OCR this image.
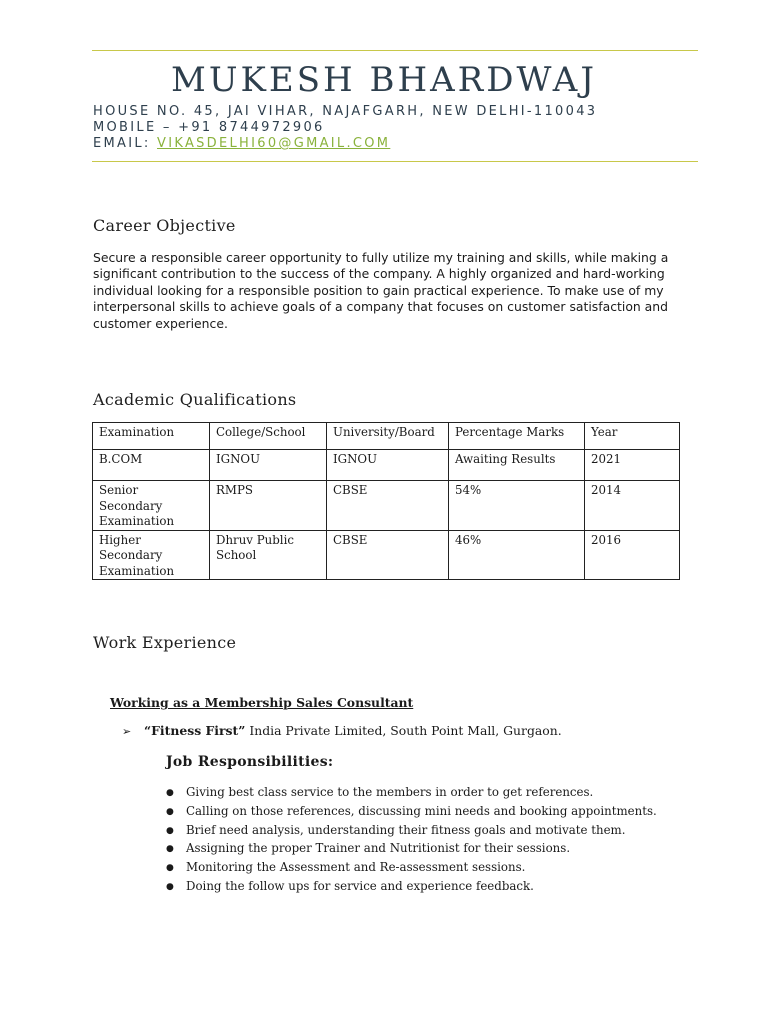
MUKESH BHARDWAJ
HOUSE NO. 45, JAI VIHAR, NAJAFGARH, NEW DELHI-110043
MOBILE – +91 8744972906
EMAIL: VIKASDELHI60@GMAIL.COM
Career Objective
Secure a responsible career opportunity to fully utilize my training and skills, while making a significant contribution to the success of the company. A highly organized and hard-working individual looking for a responsible position to gain practical experience. To make use of my interpersonal skills to achieve goals of a company that focuses on customer satisfaction and customer experience.
Academic Qualifications
Examination	College/School	University/Board	Percentage Marks	Year
B.COM	IGNOU	IGNOU	Awaiting Results	2021
Senior Secondary Examination	RMPS	CBSE	54%	2014
Higher Secondary Examination	Dhruv Public School	CBSE	46%	2016
Work Experience
Working as a Membership Sales Consultant
➢ “Fitness First” India Private Limited, South Point Mall, Gurgaon.
Job Responsibilities:
● Giving best class service to the members in order to get references.
● Calling on those references, discussing mini needs and booking appointments.
● Brief need analysis, understanding their fitness goals and motivate them.
● Assigning the proper Trainer and Nutritionist for their sessions.
● Monitoring the Assessment and Re-assessment sessions.
● Doing the follow ups for service and experience feedback.
